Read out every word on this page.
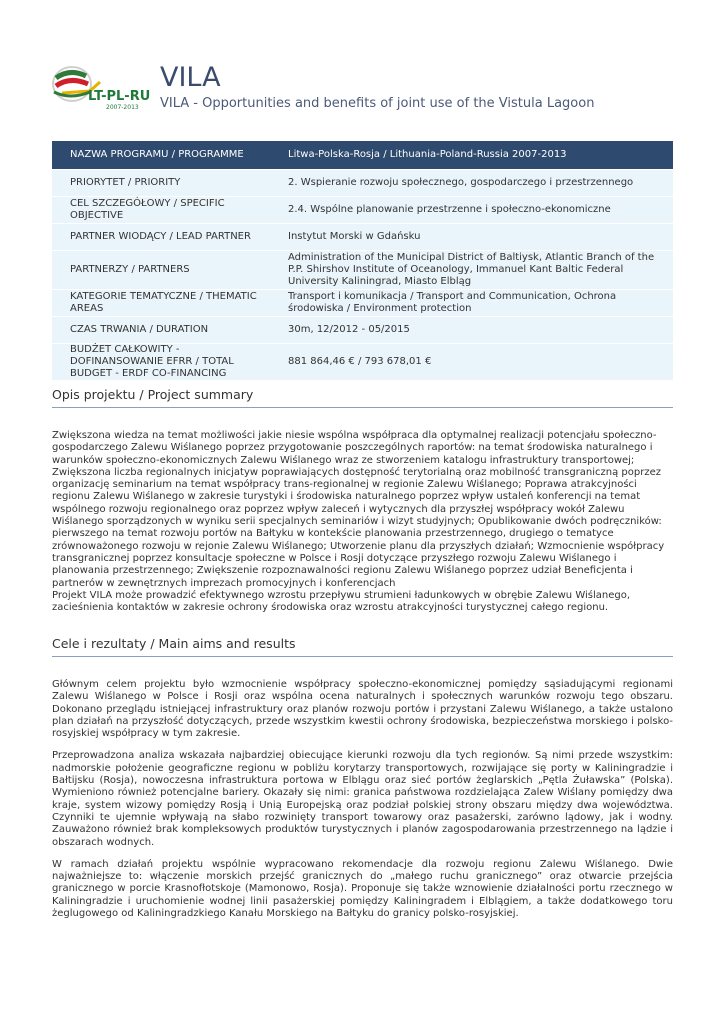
LT-PL-RU
2007-2013
VILA
VILA - Opportunities and benefits of joint use of the Vistula Lagoon
NAZWA PROGRAMU / PROGRAMME	Litwa-Polska-Rosja / Lithuania-Poland-Russia 2007-2013

PRIORYTET / PRIORITY	2. Wspieranie rozwoju społecznego, gospodarczego i przestrzennego

CEL SZCZEGÓŁOWY / SPECIFIC OBJECTIVE	2.4. Wspólne planowanie przestrzenne i społeczno-ekonomiczne

PARTNER WIODĄCY / LEAD PARTNER	Instytut Morski w Gdańsku

PARTNERZY / PARTNERS	Administration of the Municipal District of Baltiysk, Atlantic Branch of the P.P. Shirshov Institute of Oceanology, Immanuel Kant Baltic Federal University Kaliningrad, Miasto Elbląg

KATEGORIE TEMATYCZNE / THEMATIC AREAS	Transport i komunikacja / Transport and Communication, Ochrona środowiska / Environment protection

CZAS TRWANIA / DURATION	30m, 12/2012 - 05/2015

BUDŻET CAŁKOWITY - DOFINANSOWANIE EFRR / TOTAL BUDGET - ERDF CO-FINANCING	881 864,46 € / 793 678,01 €
Opis projektu / Project summary

Zwiększona wiedza na temat możliwości jakie niesie wspólna współpraca dla optymalnej realizacji potencjału społeczno-gospodarczego Zalewu Wiślanego poprzez przygotowanie poszczególnych raportów: na temat środowiska naturalnego i warunków społeczno-ekonomicznych Zalewu Wiślanego wraz ze stworzeniem katalogu infrastruktury transportowej; Zwiększona liczba regionalnych inicjatyw poprawiających dostępność terytorialną oraz mobilność transgraniczną poprzez organizację seminarium na temat współpracy trans-regionalnej w regionie Zalewu Wiślanego; Poprawa atrakcyjności regionu Zalewu Wiślanego w zakresie turystyki i środowiska naturalnego poprzez wpływ ustaleń konferencji na temat wspólnego rozwoju regionalnego oraz poprzez wpływ zaleceń i wytycznych dla przyszłej współpracy wokół Zalewu Wiślanego sporządzonych w wyniku serii specjalnych seminariów i wizyt studyjnych; Opublikowanie dwóch podręczników: pierwszego na temat rozwoju portów na Bałtyku w kontekście planowania przestrzennego, drugiego o tematyce zrównoważonego rozwoju w rejonie Zalewu Wiślanego; Utworzenie planu dla przyszłych działań; Wzmocnienie współpracy transgranicznej poprzez konsultacje społeczne w Polsce i Rosji dotyczące przyszłego rozwoju Zalewu Wiślanego i planowania przestrzennego; Zwiększenie rozpoznawalności regionu Zalewu Wiślanego poprzez udział Beneficjenta i partnerów w zewnętrznych imprezach promocyjnych i konferencjach
Projekt VILA może prowadzić efektywnego wzrostu przepływu strumieni ładunkowych w obrębie Zalewu Wiślanego, zacieśnienia kontaktów w zakresie ochrony środowiska oraz wzrostu atrakcyjności turystycznej całego regionu.

Cele i rezultaty / Main aims and results

Głównym celem projektu było wzmocnienie współpracy społeczno-ekonomicznej pomiędzy sąsiadującymi regionami Zalewu Wiślanego w Polsce i Rosji oraz wspólna ocena naturalnych i społecznych warunków rozwoju tego obszaru. Dokonano przeglądu istniejącej infrastruktury oraz planów rozwoju portów i przystani Zalewu Wiślanego, a także ustalono plan działań na przyszłość dotyczących, przede wszystkim kwestii ochrony środowiska, bezpieczeństwa morskiego i polsko-rosyjskiej współpracy w tym zakresie.

Przeprowadzona analiza wskazała najbardziej obiecujące kierunki rozwoju dla tych regionów. Są nimi przede wszystkim: nadmorskie położenie geograficzne regionu w pobliżu korytarzy transportowych, rozwijające się porty w Kaliningradzie i Bałtijsku (Rosja), nowoczesna infrastruktura portowa w Elblągu oraz sieć portów żeglarskich „Pętla Żuławska” (Polska). Wymieniono również potencjalne bariery. Okazały się nimi: granica państwowa rozdzielająca Zalew Wiślany pomiędzy dwa kraje, system wizowy pomiędzy Rosją i Unią Europejską oraz podział polskiej strony obszaru między dwa województwa. Czynniki te ujemnie wpływają na słabo rozwinięty transport towarowy oraz pasażerski, zarówno lądowy, jak i wodny. Zauważono również brak kompleksowych produktów turystycznych i planów zagospodarowania przestrzennego na lądzie i obszarach wodnych.

W ramach działań projektu wspólnie wypracowano rekomendacje dla rozwoju regionu Zalewu Wiślanego. Dwie najważniejsze to: włączenie morskich przejść granicznych do „małego ruchu granicznego” oraz otwarcie przejścia granicznego w porcie Krasnofłotskoje (Mamonowo, Rosja). Proponuje się także wznowienie działalności portu rzecznego w Kaliningradzie i uruchomienie wodnej linii pasażerskiej pomiędzy Kaliningradem i Elblągiem, a także dodatkowego toru żeglugowego od Kaliningradzkiego Kanału Morskiego na Bałtyku do granicy polsko-rosyjskiej.
